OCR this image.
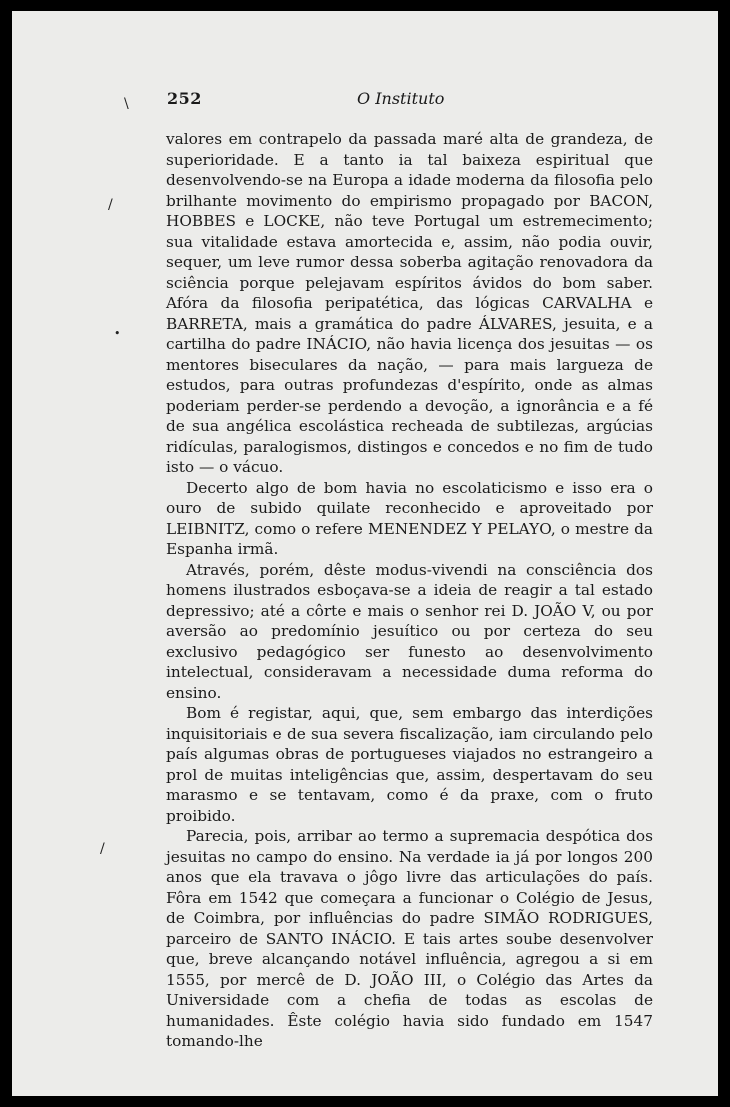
252	O Instituto
\
/
•
/

valores em contrapelo da passada maré alta de grandeza, de superioridade. E a tanto ia tal baixeza espiritual que desenvolvendo-se na Europa a idade moderna da filosofia pelo brilhante movimento do empirismo propagado por BACON, HOBBES e LOCKE, não teve Portugal um estremecimento; sua vitalidade estava amortecida e, assim, não podia ouvir, sequer, um leve rumor dessa soberba agitação renovadora da sciência porque pelejavam espíritos ávidos do bom saber. Afóra da filosofia peripatética, das lógicas CARVALHA e BARRETA, mais a gramática do padre ÁLVARES, jesuita, e a cartilha do padre INÁCIO, não havia licença dos jesuitas — os mentores biseculares da nação, — para mais largueza de estudos, para outras profundezas d'espírito, onde as almas poderiam perder-se perdendo a devoção, a ignorância e a fé de sua angélica escolástica recheada de subtilezas, argúcias ridículas, paralogismos, distingos e concedos e no fim de tudo isto — o vácuo.

Decerto algo de bom havia no escolaticismo e isso era o ouro de subido quilate reconhecido e aproveitado por LEIBNITZ, como o refere MENENDEZ Y PELAYO, o mestre da Espanha irmã.

Através, porém, dêste modus-vivendi na consciência dos homens ilustrados esboçava-se a ideia de reagir a tal estado depressivo; até a côrte e mais o senhor rei D. JOÃO V, ou por aversão ao predomínio jesuítico ou por certeza do seu exclusivo pedagógico ser funesto ao desenvolvimento intelectual, consideravam a necessidade duma reforma do ensino.

Bom é registar, aqui, que, sem embargo das interdições inquisitoriais e de sua severa fiscalização, iam circulando pelo país algumas obras de portugueses viajados no estrangeiro a prol de muitas inteligências que, assim, despertavam do seu marasmo e se tentavam, como é da praxe, com o fruto proibido.

Parecia, pois, arribar ao termo a supremacia despótica dos jesuitas no campo do ensino. Na verdade ia já por longos 200 anos que ela travava o jôgo livre das articulações do país. Fôra em 1542 que começara a funcionar o Colégio de Jesus, de Coimbra, por influências do padre SIMÃO RODRIGUES, parceiro de SANTO INÁCIO. E tais artes soube desenvolver que, breve alcançando notável influência, agregou a si em 1555, por mercê de D. JOÃO III, o Colégio das Artes da Universidade com a chefia de todas as escolas de humanidades. Êste colégio havia sido fundado em 1547 tomando-lhe
